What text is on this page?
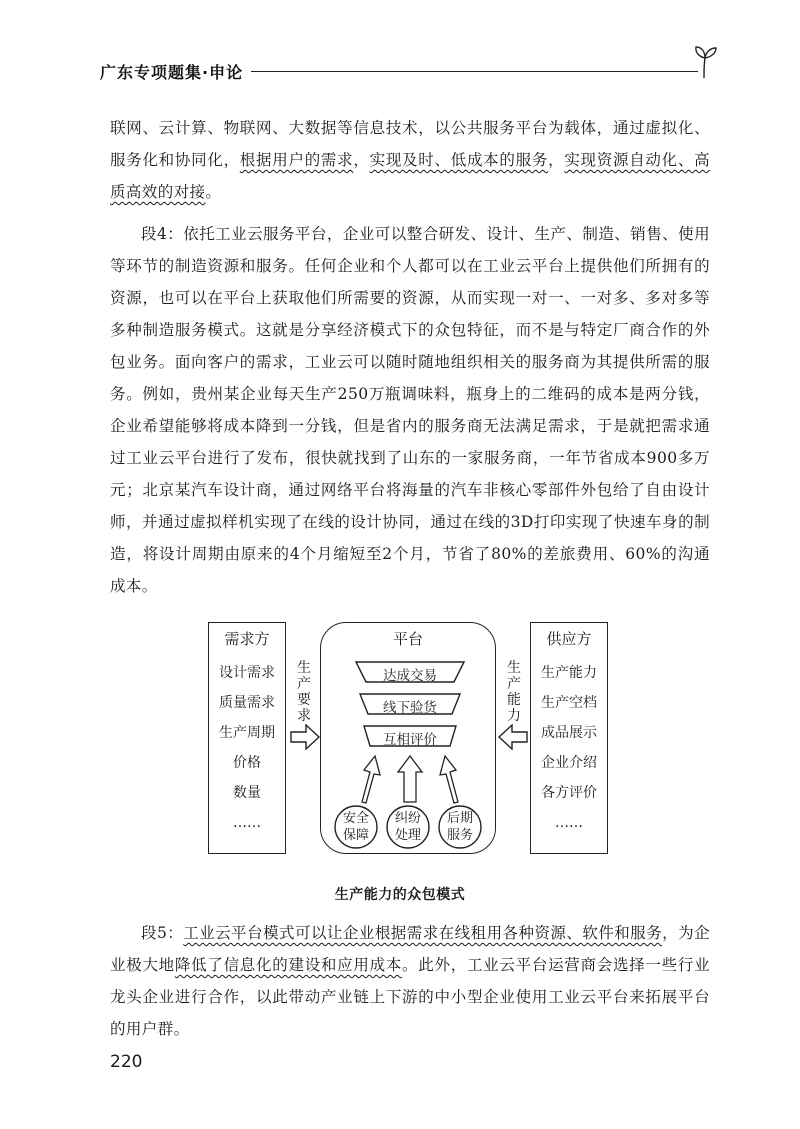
广东专项题集·申论

联网、云计算、物联网、大数据等信息技术，以公共服务平台为载体，通过虚拟化、服务化和协同化，根据用户的需求，实现及时、低成本的服务，实现资源自动化、高质高效的对接。

段4：依托工业云服务平台，企业可以整合研发、设计、生产、制造、销售、使用等环节的制造资源和服务。任何企业和个人都可以在工业云平台上提供他们所拥有的资源，也可以在平台上获取他们所需要的资源，从而实现一对一、一对多、多对多等多种制造服务模式。这就是分享经济模式下的众包特征，而不是与特定厂商合作的外包业务。面向客户的需求，工业云可以随时随地组织相关的服务商为其提供所需的服务。例如，贵州某企业每天生产250万瓶调味料，瓶身上的二维码的成本是两分钱，企业希望能够将成本降到一分钱，但是省内的服务商无法满足需求，于是就把需求通过工业云平台进行了发布，很快就找到了山东的一家服务商，一年节省成本900多万元；北京某汽车设计商，通过网络平台将海量的汽车非核心零部件外包给了自由设计师，并通过虚拟样机实现了在线的设计协同，通过在线的3D打印实现了快速车身的制造，将设计周期由原来的4个月缩短至2个月，节省了80%的差旅费用、60%的沟通成本。

需求方
设计需求
质量需求
生产周期
价格
数量
……
生
产
要
求
平台
达成交易
线下验货
互相评价
安全
保障
纠纷
处理
后期
服务
生
产
能
力
供应方
生产能力
生产空档
成品展示
企业介绍
各方评价
……
生产能力的众包模式

段5：工业云平台模式可以让企业根据需求在线租用各种资源、软件和服务，为企业极大地降低了信息化的建设和应用成本。此外，工业云平台运营商会选择一些行业龙头企业进行合作，以此带动产业链上下游的中小型企业使用工业云平台来拓展平台的用户群。

220
